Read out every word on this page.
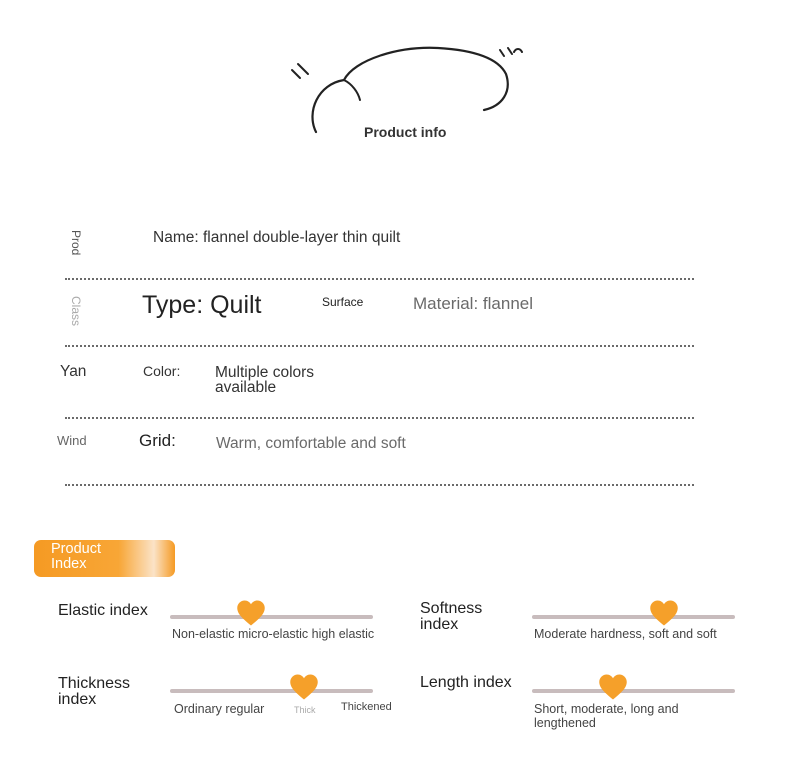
Product info
Prod	Name: flannel double-layer thin quilt
Class Type: Quilt	Surface	Material: flannel
Yan	Color: Multiple colors available
Wind	Grid:	Warm, comfortable and soft
Product Index
Elastic index
Non-elastic micro-elastic high elastic
Softness index
Moderate hardness, soft and soft
Thickness index
Ordinary regular	Thick Thickened
Length index
Short, moderate, long and lengthened
